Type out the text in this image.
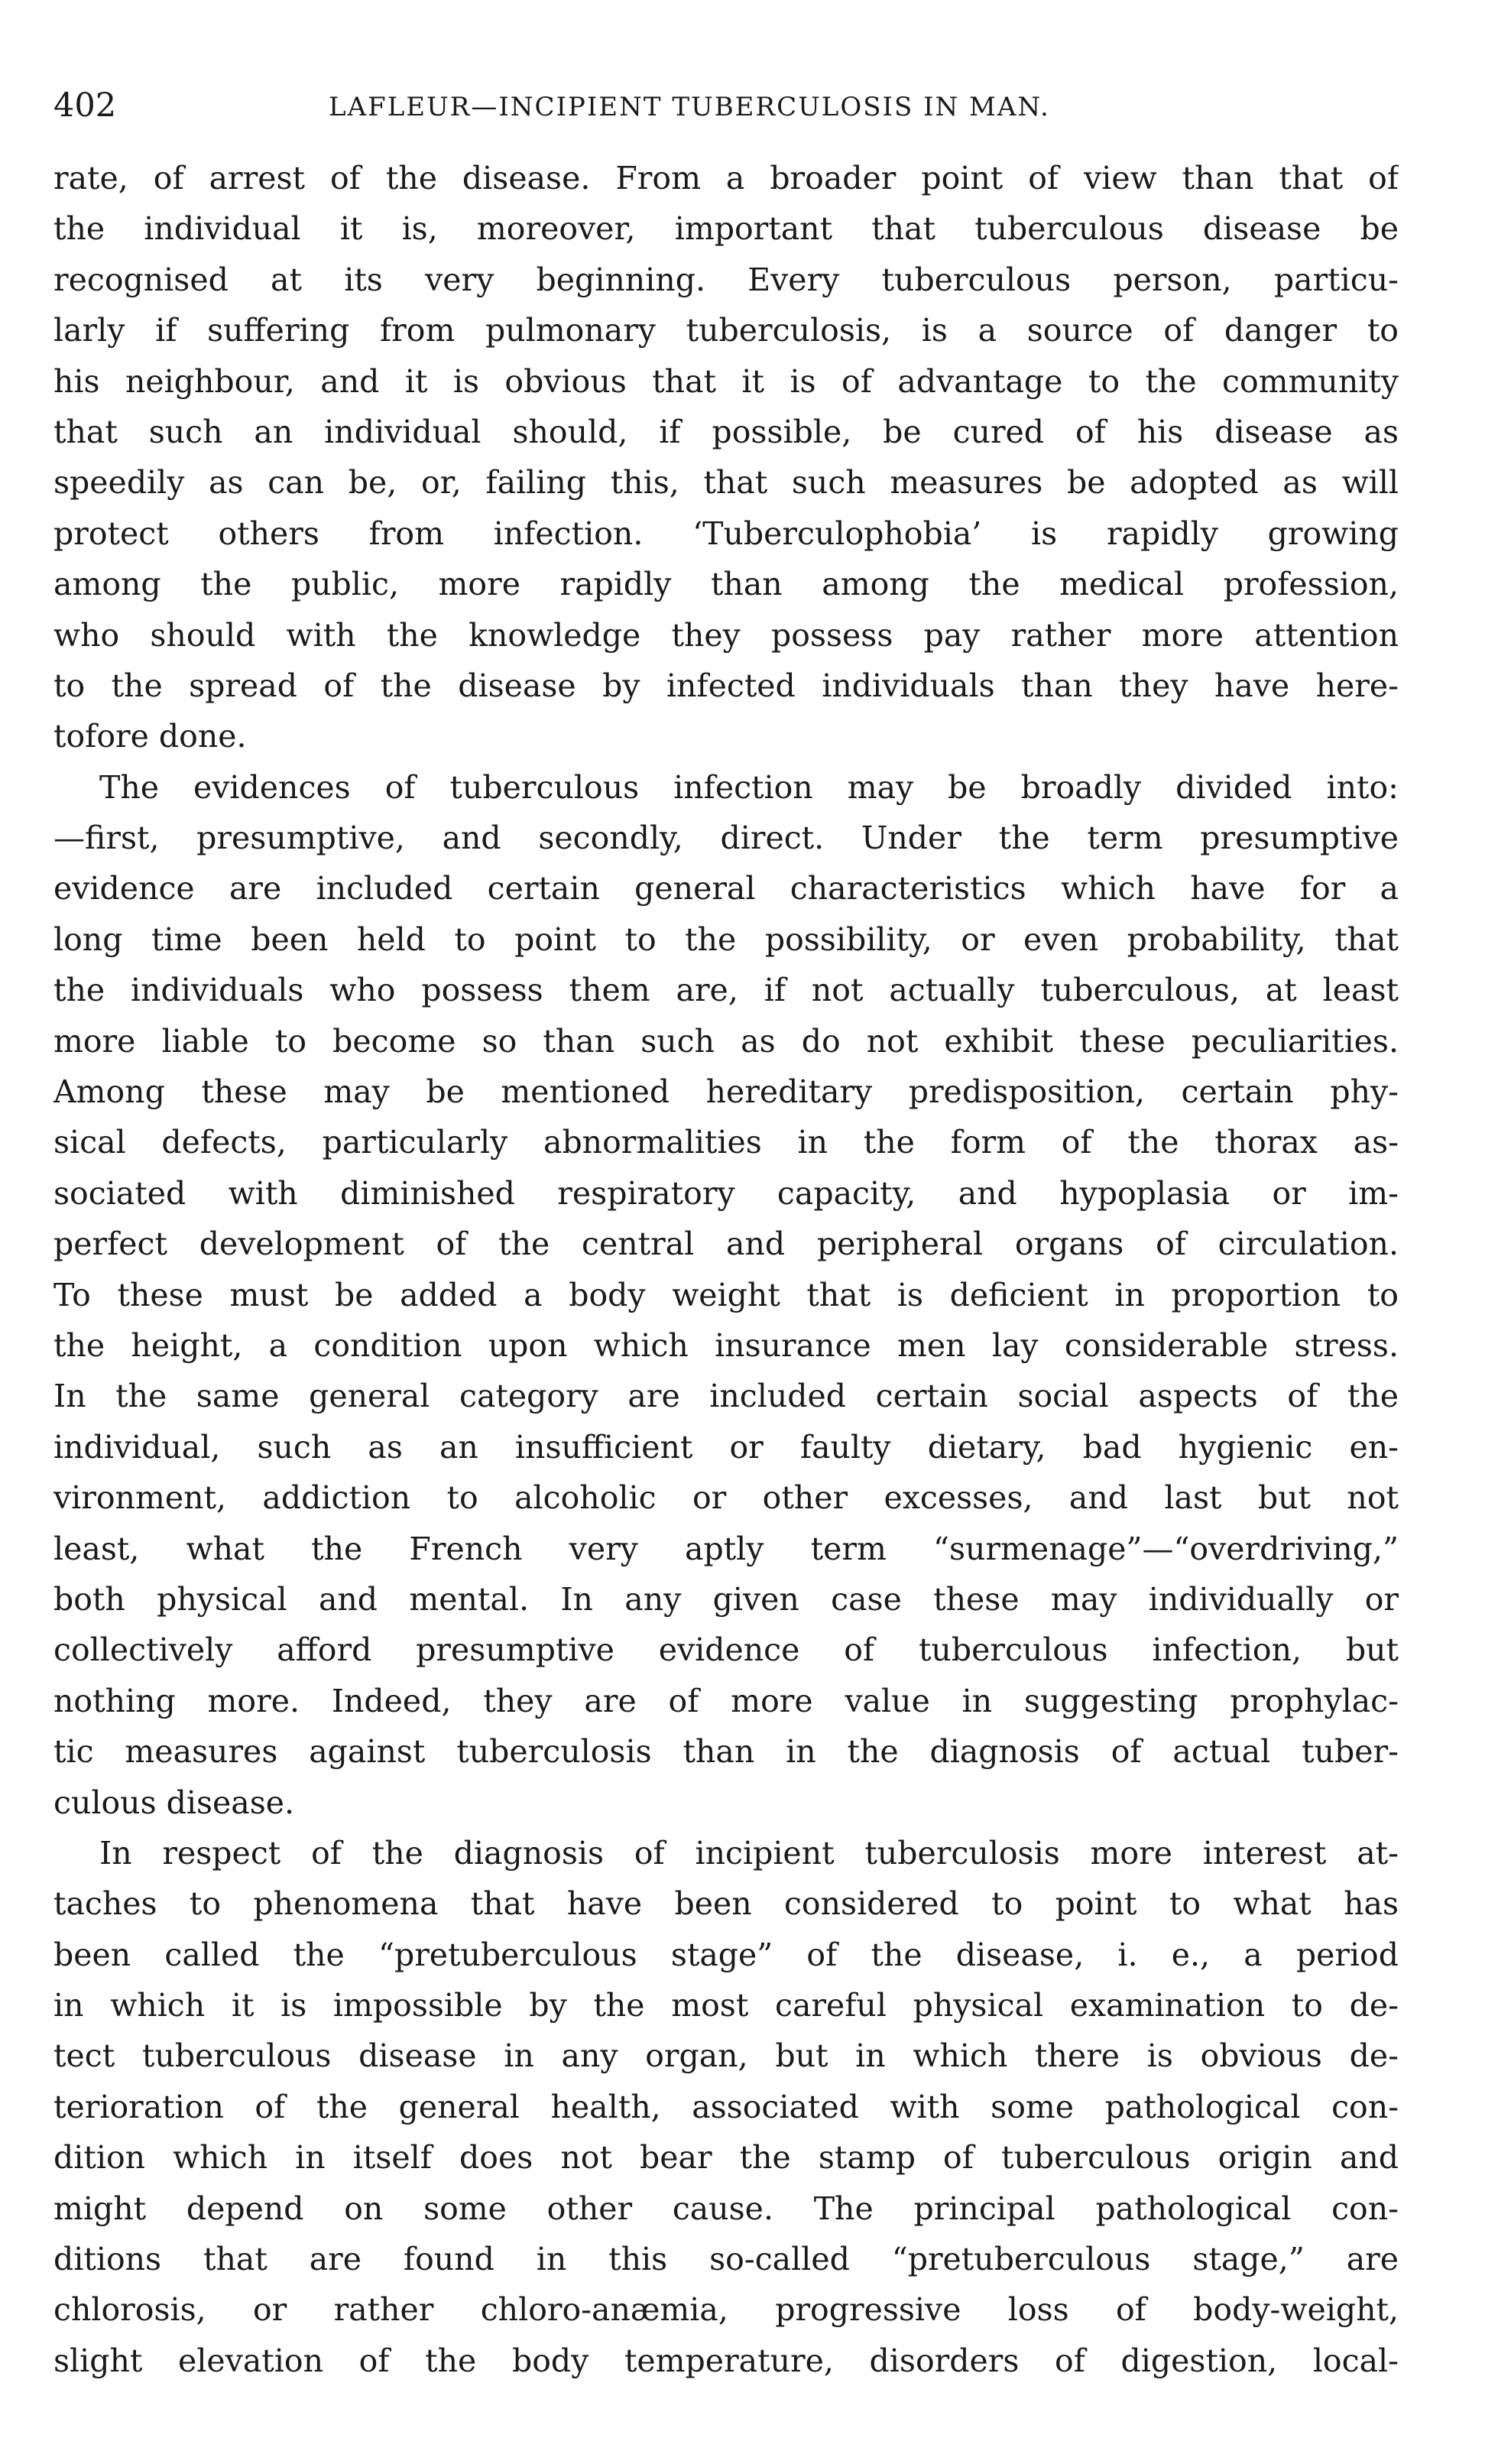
402	LAFLEUR—INCIPIENT TUBERCULOSIS IN MAN.
rate, of arrest of the disease. From a broader point of view than that of
the individual it is, moreover, important that tuberculous disease be
recognised at its very beginning. Every tuberculous person, particu-
larly if suffering from pulmonary tuberculosis, is a source of danger to
his neighbour, and it is obvious that it is of advantage to the community
that such an individual should, if possible, be cured of his disease as
speedily as can be, or, failing this, that such measures be adopted as will
protect others from infection. ‘Tuberculophobia’ is rapidly growing
among the public, more rapidly than among the medical profession,
who should with the knowledge they possess pay rather more attention
to the spread of the disease by infected individuals than they have here-
tofore done.
The evidences of tuberculous infection may be broadly divided into:
—first, presumptive, and secondly, direct. Under the term presumptive
evidence are included certain general characteristics which have for a
long time been held to point to the possibility, or even probability, that
the individuals who possess them are, if not actually tuberculous, at least
more liable to become so than such as do not exhibit these peculiarities.
Among these may be mentioned hereditary predisposition, certain phy-
sical defects, particularly abnormalities in the form of the thorax as-
sociated with diminished respiratory capacity, and hypoplasia or im-
perfect development of the central and peripheral organs of circulation.
To these must be added a body weight that is deficient in proportion to
the height, a condition upon which insurance men lay considerable stress.
In the same general category are included certain social aspects of the
individual, such as an insufficient or faulty dietary, bad hygienic en-
vironment, addiction to alcoholic or other excesses, and last but not
least, what the French very aptly term “surmenage”—“overdriving,”
both physical and mental. In any given case these may individually or
collectively afford presumptive evidence of tuberculous infection, but
nothing more. Indeed, they are of more value in suggesting prophylac-
tic measures against tuberculosis than in the diagnosis of actual tuber-
culous disease.
In respect of the diagnosis of incipient tuberculosis more interest at-
taches to phenomena that have been considered to point to what has
been called the “pretuberculous stage” of the disease, i. e., a period
in which it is impossible by the most careful physical examination to de-
tect tuberculous disease in any organ, but in which there is obvious de-
terioration of the general health, associated with some pathological con-
dition which in itself does not bear the stamp of tuberculous origin and
might depend on some other cause. The principal pathological con-
ditions that are found in this so-called “pretuberculous stage,” are
chlorosis, or rather chloro-anæmia, progressive loss of body-weight,
slight elevation of the body temperature, disorders of digestion, local-
